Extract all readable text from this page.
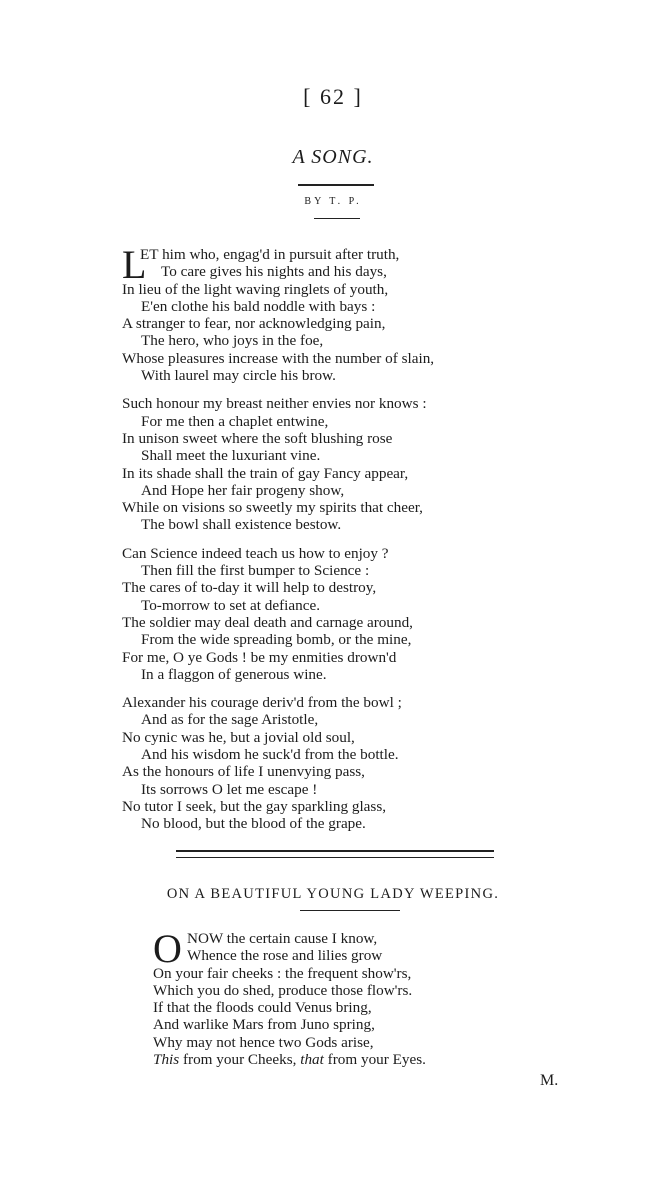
[ 62 ]
A SONG.
BY T. P.
L
ET him who, engag'd in pursuit after truth,
To care gives his nights and his days,
In lieu of the light waving ringlets of youth,
E'en clothe his bald noddle with bays :
A stranger to fear, nor acknowledging pain,
The hero, who joys in the foe,
Whose pleasures increase with the number of slain,
With laurel may circle his brow.
Such honour my breast neither envies nor knows :
For me then a chaplet entwine,
In unison sweet where the soft blushing rose
Shall meet the luxuriant vine.
In its shade shall the train of gay Fancy appear,
And Hope her fair progeny show,
While on visions so sweetly my spirits that cheer,
The bowl shall existence bestow.
Can Science indeed teach us how to enjoy ?
Then fill the first bumper to Science :
The cares of to-day it will help to destroy,
To-morrow to set at defiance.
The soldier may deal death and carnage around,
From the wide spreading bomb, or the mine,
For me, O ye Gods ! be my enmities drown'd
In a flaggon of generous wine.
Alexander his courage deriv'd from the bowl ;
And as for the sage Aristotle,
No cynic was he, but a jovial old soul,
And his wisdom he suck'd from the bottle.
As the honours of life I unenvying pass,
Its sorrows O let me escape !
No tutor I seek, but the gay sparkling glass,
No blood, but the blood of the grape.
ON A BEAUTIFUL YOUNG LADY WEEPING.
O NOW the certain cause I know,
Whence the rose and lilies grow
On your fair cheeks : the frequent show'rs,
Which you do shed, produce those flow'rs.
If that the floods could Venus bring,
And warlike Mars from Juno spring,
Why may not hence two Gods arise,
This from your Cheeks, that from your Eyes.
M.
